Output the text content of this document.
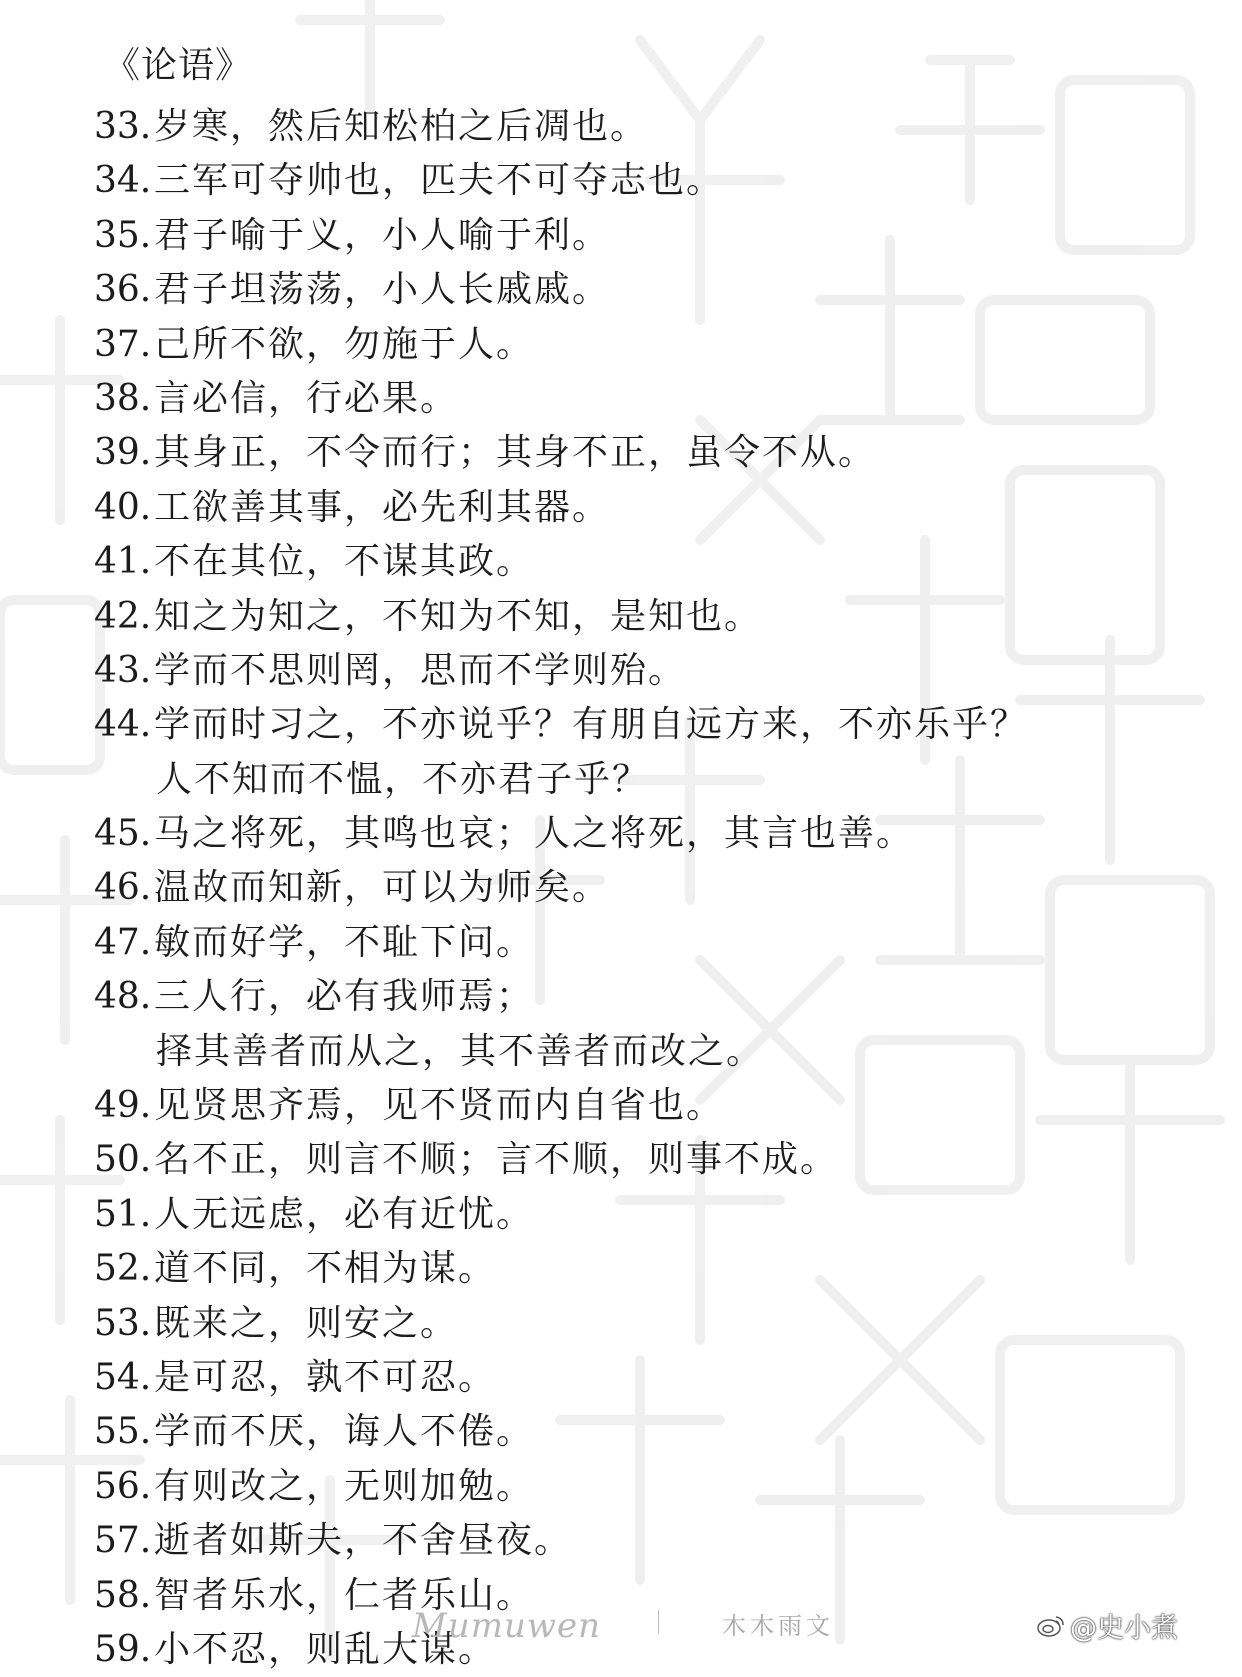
《论语》
33.岁寒，然后知松柏之后凋也。
34.三军可夺帅也，匹夫不可夺志也。
35.君子喻于义，小人喻于利。
36.君子坦荡荡，小人长戚戚。
37.己所不欲，勿施于人。
38.言必信，行必果。
39.其身正，不令而行；其身不正，虽令不从。
40.工欲善其事，必先利其器。
41.不在其位，不谋其政。
42.知之为知之，不知为不知，是知也。
43.学而不思则罔，思而不学则殆。
44.学而时习之，不亦说乎？有朋自远方来，不亦乐乎？
人不知而不愠，不亦君子乎？
45.马之将死，其鸣也哀；人之将死，其言也善。
46.温故而知新，可以为师矣。
47.敏而好学，不耻下问。
48.三人行，必有我师焉；
择其善者而从之，其不善者而改之。
49.见贤思齐焉，见不贤而内自省也。
50.名不正，则言不顺；言不顺，则事不成。
51.人无远虑，必有近忧。
52.道不同，不相为谋。
53.既来之，则安之。
54.是可忍，孰不可忍。
55.学而不厌，诲人不倦。
56.有则改之，无则加勉。
57.逝者如斯夫，不舍昼夜。
58.智者乐水，仁者乐山。
59.小不忍，则乱大谋。
Mumuwen	木木雨文	@史小煮
